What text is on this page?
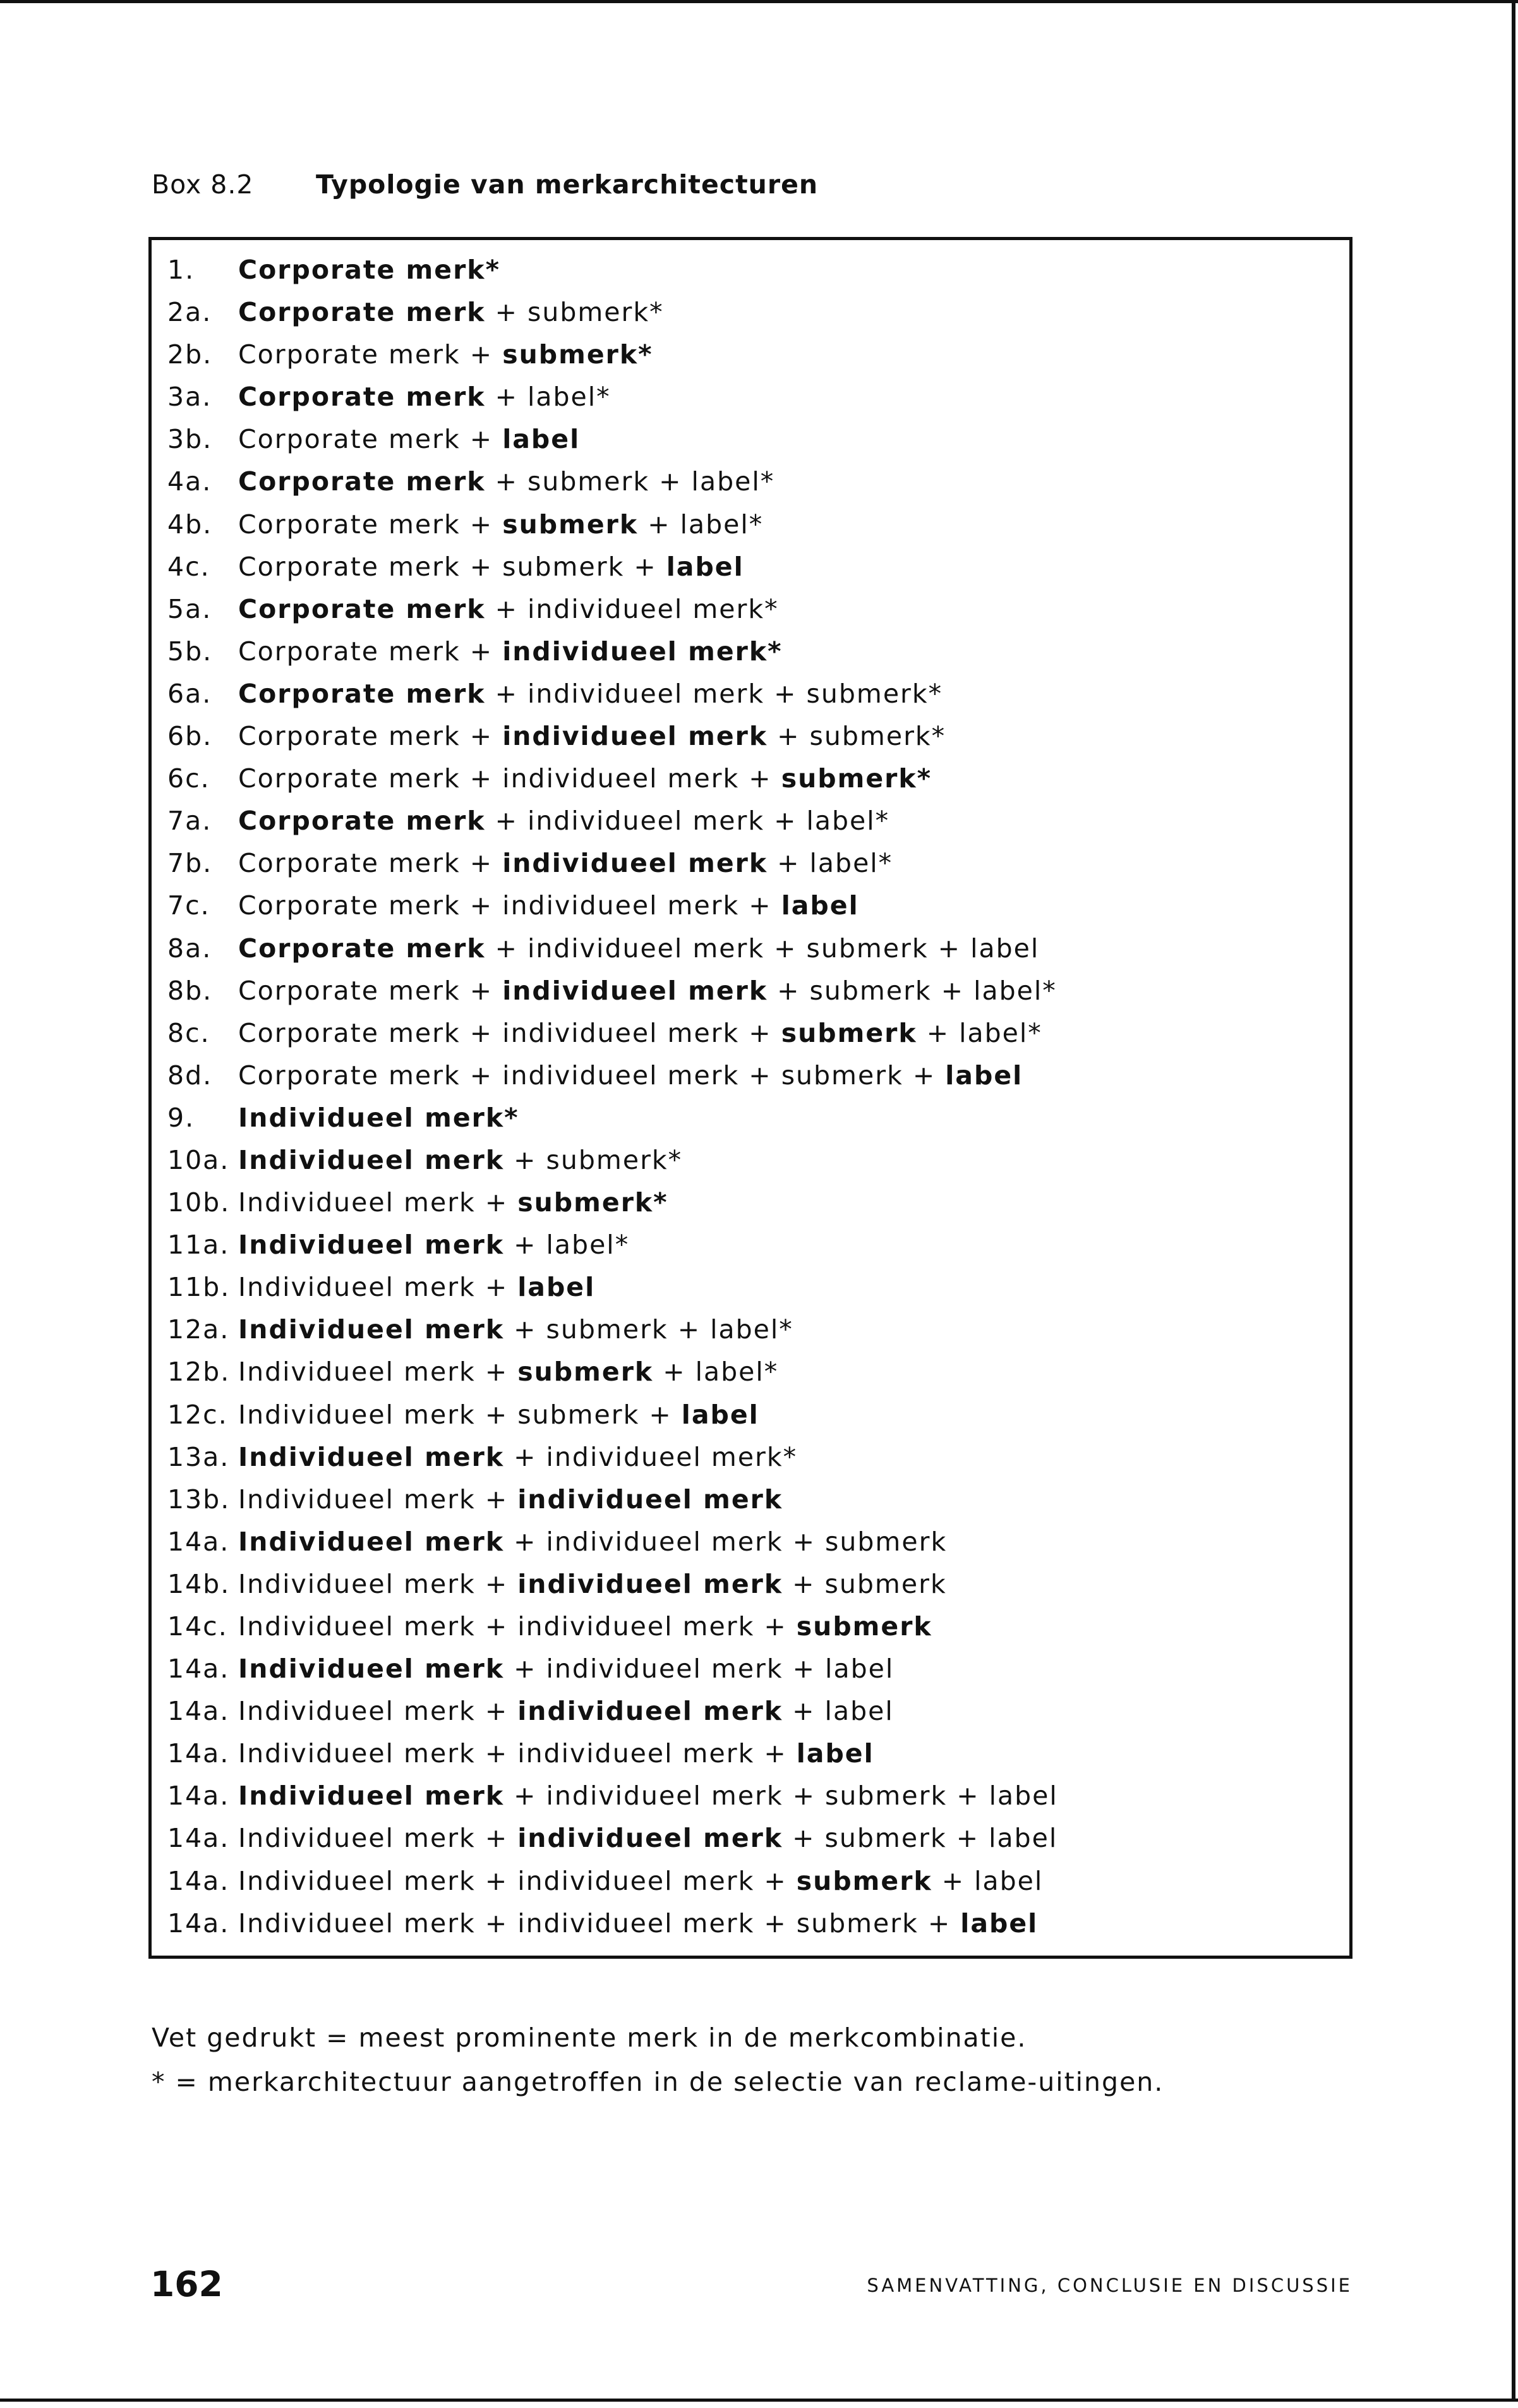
Box 8.2 Typologie van merkarchitecturen
1. Corporate merk*
2a. Corporate merk + submerk*
2b. Corporate merk + submerk*
3a. Corporate merk + label*
3b. Corporate merk + label
4a. Corporate merk + submerk + label*
4b. Corporate merk + submerk + label*
4c. Corporate merk + submerk + label
5a. Corporate merk + individueel merk*
5b. Corporate merk + individueel merk*
6a. Corporate merk + individueel merk + submerk*
6b. Corporate merk + individueel merk + submerk*
6c. Corporate merk + individueel merk + submerk*
7a. Corporate merk + individueel merk + label*
7b. Corporate merk + individueel merk + label*
7c. Corporate merk + individueel merk + label
8a. Corporate merk + individueel merk + submerk + label
8b. Corporate merk + individueel merk + submerk + label*
8c. Corporate merk + individueel merk + submerk + label*
8d. Corporate merk + individueel merk + submerk + label
9. Individueel merk*
10a. Individueel merk + submerk*
10b. Individueel merk + submerk*
11a. Individueel merk + label*
11b. Individueel merk + label
12a. Individueel merk + submerk + label*
12b. Individueel merk + submerk + label*
12c. Individueel merk + submerk + label
13a. Individueel merk + individueel merk*
13b. Individueel merk + individueel merk
14a. Individueel merk + individueel merk + submerk
14b. Individueel merk + individueel merk + submerk
14c. Individueel merk + individueel merk + submerk
14a. Individueel merk + individueel merk + label
14a. Individueel merk + individueel merk + label
14a. Individueel merk + individueel merk + label
14a. Individueel merk + individueel merk + submerk + label
14a. Individueel merk + individueel merk + submerk + label
14a. Individueel merk + individueel merk + submerk + label
14a. Individueel merk + individueel merk + submerk + label
Vet gedrukt = meest prominente merk in de merkcombinatie.
* = merkarchitectuur aangetroffen in de selectie van reclame-uitingen.
162	SAMENVATTING, CONCLUSIE EN DISCUSSIE
